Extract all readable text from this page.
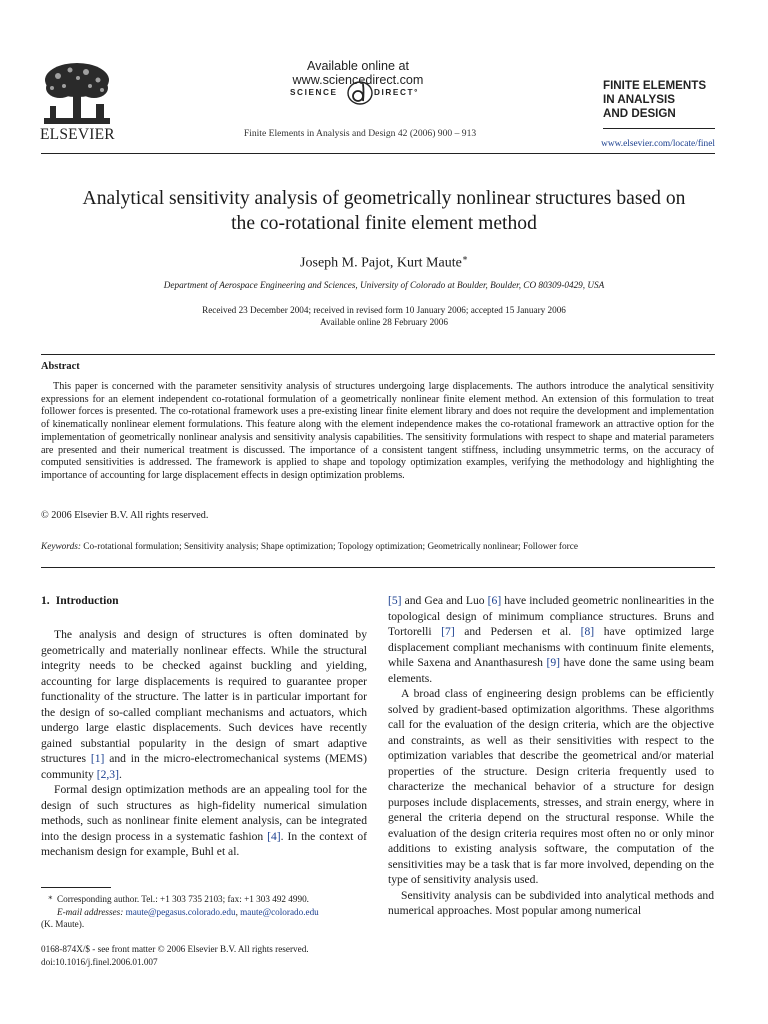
ELSEVIER
Available online at www.sciencedirect.com
SCIENCE	DIRECT°
Finite Elements in Analysis and Design 42 (2006) 900 – 913
FINITE ELEMENTS
IN ANALYSIS
AND DESIGN
www.elsevier.com/locate/finel
Analytical sensitivity analysis of geometrically nonlinear structures based on
the co-rotational finite element method
Joseph M. Pajot, Kurt Maute∗
Department of Aerospace Engineering and Sciences, University of Colorado at Boulder, Boulder, CO 80309-0429, USA
Received 23 December 2004; received in revised form 10 January 2006; accepted 15 January 2006
Available online 28 February 2006
Abstract
This paper is concerned with the parameter sensitivity analysis of structures undergoing large displacements. The authors introduce the analytical sensitivity expressions for an element independent co-rotational formulation of a geometrically nonlinear finite element method. An extension of this formulation to treat follower forces is presented. The co-rotational framework uses a pre-existing linear finite element library and does not require the development and implementation of kinematically nonlinear element formulations. This feature along with the element independence makes the co-rotational framework an attractive option for the implementation of geometrically nonlinear analysis and sensitivity analysis capabilities. The sensitivity formulations with respect to shape and material parameters are presented and their numerical treatment is discussed. The importance of a consistent tangent stiffness, including unsymmetric terms, on the accuracy of computed sensitivities is addressed. The framework is applied to shape and topology optimization examples, verifying the methodology and highlighting the importance of accounting for large displacement effects in design optimization problems.
© 2006 Elsevier B.V. All rights reserved.
Keywords: Co-rotational formulation; Sensitivity analysis; Shape optimization; Topology optimization; Geometrically nonlinear; Follower force
1. Introduction

The analysis and design of structures is often dominated by geometrically and materially nonlinear effects. While the structural integrity needs to be checked against buckling and yielding, accounting for large displacements is required to guarantee proper functionality of the structure. The latter is in particular important for the design of so-called compliant mechanisms and actuators, which undergo large elastic displacements. Such devices have recently gained substantial popularity in the design of smart adaptive structures [1] and in the micro-electromechanical systems (MEMS) community [2,3].

Formal design optimization methods are an appealing tool for the design of such structures as high-fidelity numerical simulation methods, such as nonlinear finite element analysis, can be integrated into the design process in a systematic fashion [4]. In the context of mechanism design for example, Buhl et al.

[5] and Gea and Luo [6] have included geometric nonlinearities in the topological design of minimum compliance structures. Bruns and Tortorelli [7] and Pedersen et al. [8] have optimized large displacement compliant mechanisms with continuum finite elements, while Saxena and Ananthasuresh [9] have done the same using beam elements.

A broad class of engineering design problems can be efficiently solved by gradient-based optimization algorithms. These algorithms call for the evaluation of the design criteria, which are the objective and constraints, as well as their sensitivities with respect to the optimization variables that describe the geometrical and/or material properties of the structure. Design criteria frequently used to characterize the mechanical behavior of a structure for design purposes include displacements, stresses, and strain energy, where in general the criteria depend on the structural response. While the evaluation of the design criteria requires most often no or only minor additions to existing analysis software, the computation of the sensitivities may be a task that is far more involved, depending on the type of sensitivity analysis used.

Sensitivity analysis can be subdivided into analytical methods and numerical approaches. Most popular among numerical

∗ Corresponding author. Tel.: +1 303 735 2103; fax: +1 303 492 4990.
E-mail addresses: maute@pegasus.colorado.edu, maute@colorado.edu
(K. Maute).
0168-874X/$ - see front matter © 2006 Elsevier B.V. All rights reserved.
doi:10.1016/j.finel.2006.01.007
